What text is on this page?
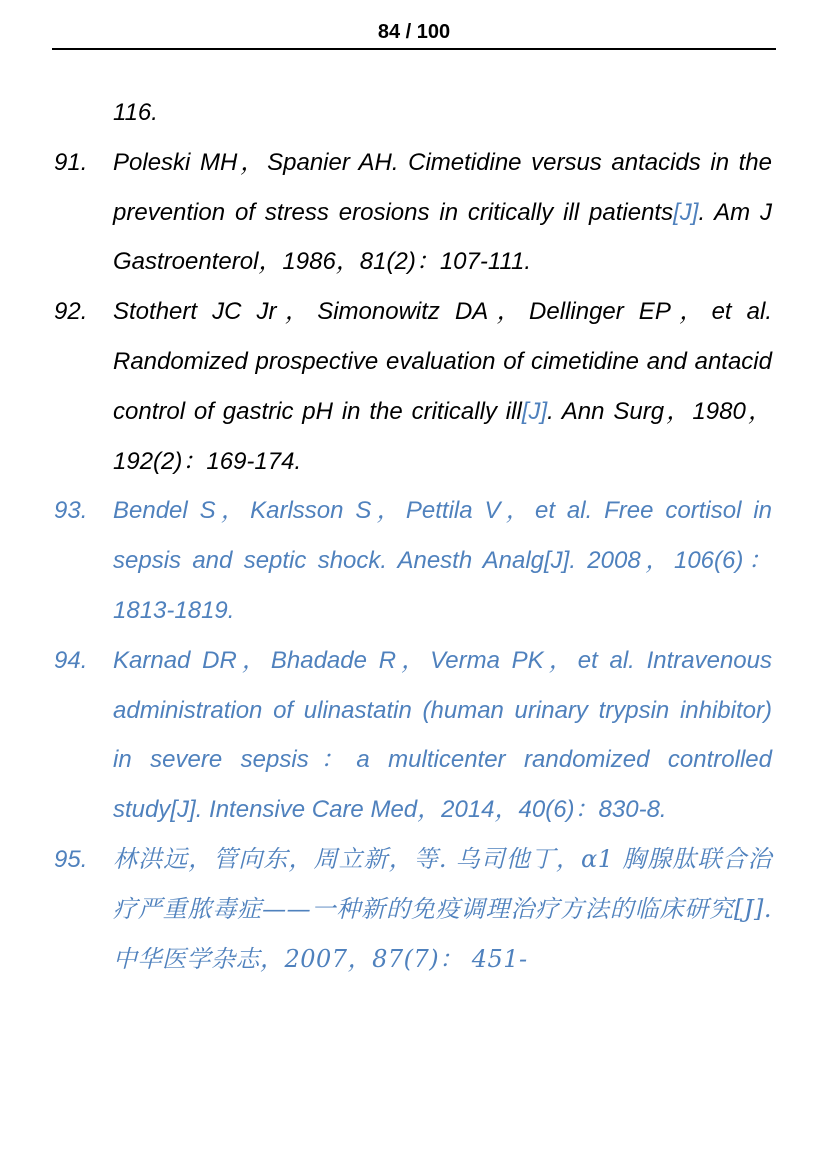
84 / 100
116.
91. Poleski MH，Spanier AH. Cimetidine versus antacids in the prevention of stress erosions in critically ill patients[J]. Am J Gastroenterol，1986，81(2)：107-111.
92. Stothert JC Jr，Simonowitz DA，Dellinger EP，et al. Randomized prospective evaluation of cimetidine and antacid control of gastric pH in the critically ill[J]. Ann Surg，1980，192(2)：169-174.
93. Bendel S，Karlsson S，Pettila V，et al. Free cortisol in sepsis and septic shock. Anesth Analg[J]. 2008，106(6)：1813-1819.
94. Karnad DR，Bhadade R，Verma PK，et al. Intravenous administration of ulinastatin (human urinary trypsin inhibitor) in severe sepsis：a multicenter randomized controlled study[J]. Intensive Care Med，2014，40(6)：830-8.
95. 林洪远，管向东，周立新，等. 乌司他丁，α1 胸腺肽联合治疗严重脓毒症——一种新的免疫调理治疗方法的临床研究[J]. 中华医学杂志，2007，87(7)： 451-
